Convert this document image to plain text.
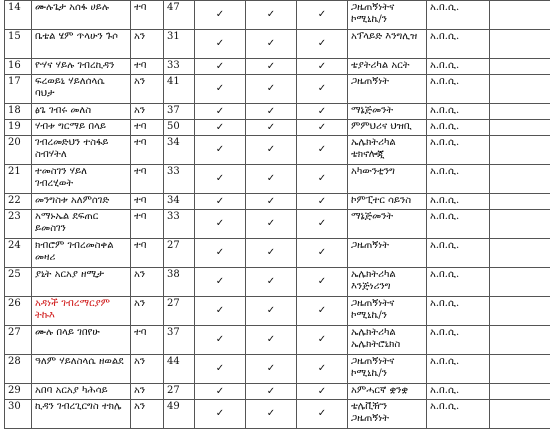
14	ሙሉጌታ አሰፋ ሀይሉ	ተባ	47	✓	✓	✓	ጋዜጠኝነትና ኮሚኒኬ/ን	አ.በ.ሲ.	
15	ቤቴል ሄም ጥላሁን ጉሶ	አን	31	✓	✓	✓	አፕላይድ እንግሊዝ	አ.በ.ሲ.	
16	ዮሃና ሃይሉ ገብረኪዳን	ተባ	33	✓	✓	✓	ቴያትሪካል አርት	አ.በ.ሲ.	
17	ፍረወይኒ ሃይለሰላሴ ባህታ	አን	41	✓	✓	✓	ጋዜጠኝነት	አ.በ.ሲ.	
18	ፅጌ ገብሩ መለስ	አን	37	✓	✓	✓	ማኔጅመንት	አ.በ.ሲ.	
19	ሃብቱ ግርማይ በላይ	ተባ	50	✓	✓	✓	ምምህሪና ህዝቢ	አ.በ.ሲ.	
20	ገብረመድህን ተስፋይ ስብሃትለ	ተባ	34	✓	✓	✓	ኤሌክትሪካል ቴክኖሎጂ	አ.በ.ሲ.	
21	ተመስገን ሃይለ ገብረሂወት	ተባ	33	✓	✓	✓	አካውንቲንግ	አ.በ.ሲ.	
22	መንግስቱ አለምሰገድ	ተባ	34	✓	✓	✓	ኮምፒተር ሳይንስ	አ.በ.ሲ.	
23	አማኑኤል ደፍጠር ይመስገን	ተባ	33	✓	✓	✓	ማኔጅመንት	አ.በ.ሲ.	
24	ክብሮም ገብረመስቀል መዛሪ	ተባ	27	✓	✓	✓	ጋዜጠኝነት	አ.በ.ሲ.	
25	ያኒት አርአያ ዘሚታ	አን	38	✓	✓	✓	ኤሌክትሪካል እንጅነሪንግ	አ.በ.ሲ.	
26	አዳነች ገብረማርያም ትኩእ	አን	27	✓	✓	✓	ጋዜጠኝነትና ኮሚኒኬ/ን	አ.በ.ሲ.	
27	ሙሉ በላይ ገበየሁ	ተባ	37	✓	✓	✓	ኤሌክትሪካል ኤሌክትሮኒክስ	አ.በ.ሲ.	
28	ዓለም ሃይለስላሴ ዘወልደ	አን	44	✓	✓	✓	ጋዜጠኝነትና ኮሚኒኬ/ን	አ.በ.ሲ.	
29	አበባ አርአያ ካሕሳይ	አን	27	✓	✓	✓	አምሓርኛ ቋንቋ	አ.በ.ሲ.	
30	ኪዳን ገብረጊርግስ ተክሌ	አን	49	✓	✓	✓	ቴሌቪዥን ጋዜጠኝነት	አ.በ.ሲ.	
